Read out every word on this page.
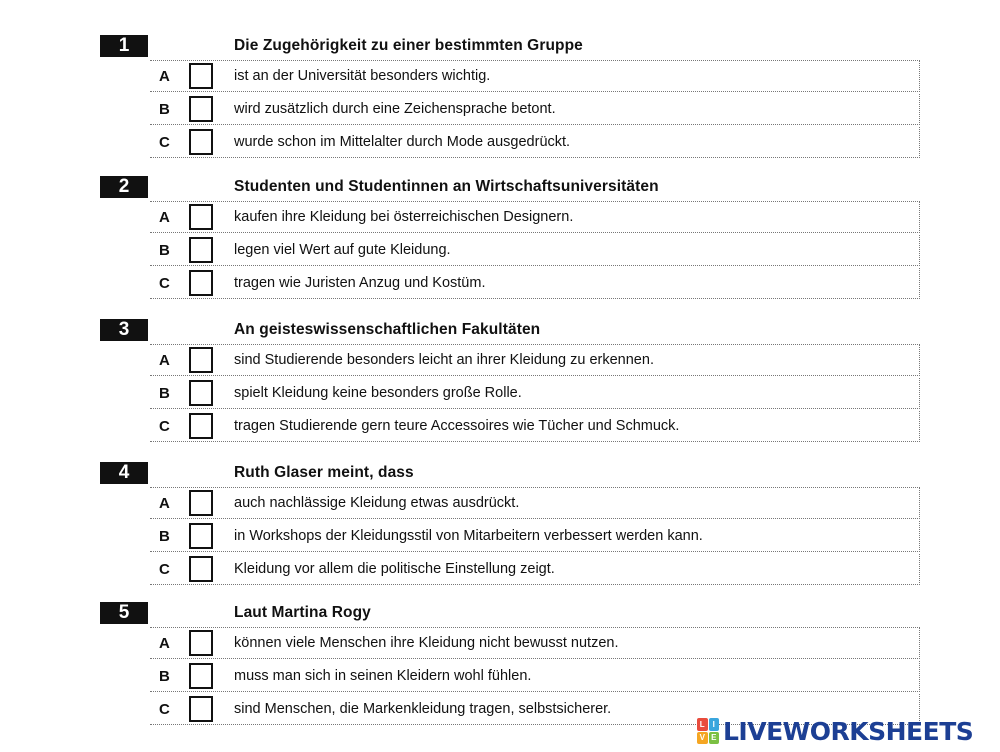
1	Die Zugehörigkeit zu einer bestimmten Gruppe
A	ist an der Universität besonders wichtig.
B	wird zusätzlich durch eine Zeichensprache betont.
C	wurde schon im Mittelalter durch Mode ausgedrückt.
2	Studenten und Studentinnen an Wirtschaftsuniversitäten
A	kaufen ihre Kleidung bei österreichischen Designern.
B	legen viel Wert auf gute Kleidung.
C	tragen wie Juristen Anzug und Kostüm.
3	An geisteswissenschaftlichen Fakultäten
A	sind Studierende besonders leicht an ihrer Kleidung zu erkennen.
B	spielt Kleidung keine besonders große Rolle.
C	tragen Studierende gern teure Accessoires wie Tücher und Schmuck.
4	Ruth Glaser meint, dass
A	auch nachlässige Kleidung etwas ausdrückt.
B	in Workshops der Kleidungsstil von Mitarbeitern verbessert werden kann.
C	Kleidung vor allem die politische Einstellung zeigt.
5	Laut Martina Rogy
A	können viele Menschen ihre Kleidung nicht bewusst nutzen.
B	muss man sich in seinen Kleidern wohl fühlen.
C	sind Menschen, die Markenkleidung tragen, selbstsicherer.
L I
V E LIVEWORKSHEETS
